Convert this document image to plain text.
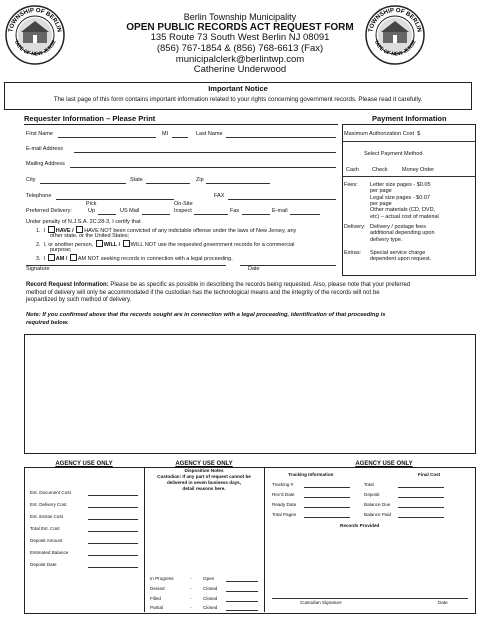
TOWNSHIP OF BERLIN
TATE OF NEW JERSE
TOWNSHIP OF BERLIN
TATE OF NEW JERSE
Berlin Township Municipality
OPEN PUBLIC RECORDS ACT REQUEST FORM
135 Route 73 South West Berlin NJ 08091
(856) 767-1854 & (856) 768-6613 (Fax)
municipalclerk@berlintwp.com
Catherine Underwood
Important Notice
The last page of this form contains important information related to your rights concerning government records. Please read it carefully.
Requester Information – Please Print	Payment Information
First Name	MI	Last Name
E-mail Address
Mailing Address
City	State	Zip
Telephone	FAX
Pick	On-Site
Preferred Delivery:	Up	US Mail	Inspect	Fax	E-mail
Under penalty of N.J.S.A. 2C:28-3, I certify that
1. I HAVE / HAVE NOT been convicted of any indictable offense under the laws of New Jersey, any
other state, or the United States;
2. I, or another person, WILL / WILL NOT use the requested government records for a commercial
purpose;
3. I AM / AM NOT seeking records in connection with a legal proceeding.
Signature	Date
Maximum Authorization Cost $
Select Payment Method
Cash Check	Money Order
Fees: Letter size pages - $0.05
per page
Legal size pages - $0.07
per page
Other materials (CD, DVD,
etc) – actual cost of material
Delivery: Delivery / postage fees
additional depending upon
delivery type.
Extras: Special service charge
dependent upon request.
Record Request Information: Please be as specific as possible in describing the records being requested. Also, please note that your preferred
method of delivery will only be accommodated if the custodian has the technological means and the integrity of the records will not be
jeopardized by such method of delivery.
Note: If you confirmed above that the records sought are in connection with a legal proceeding, identification of that proceeding is
required below.
AGENCY USE ONLY	AGENCY USE ONLY	AGENCY USE ONLY
Est. Document Cost
Est. Delivery Cost
Est. Extras Cost
Total Est. Cost
Deposit Amount
Estimated Balance
Deposit Date
Disposition Notes
Custodian: If any part of request cannot be
delivered in seven business days,
detail reasons here.
In Progress	- Open
Denied	- Closed
Filled	- Closed
Partial	- Closed
Tracking Information	Final Cost
Tracking #	Total
Rec'd Date	Deposit
Ready Date	Balance Due
Total Pages	Balance Paid
Records Provided
Custodian Signature	Date
